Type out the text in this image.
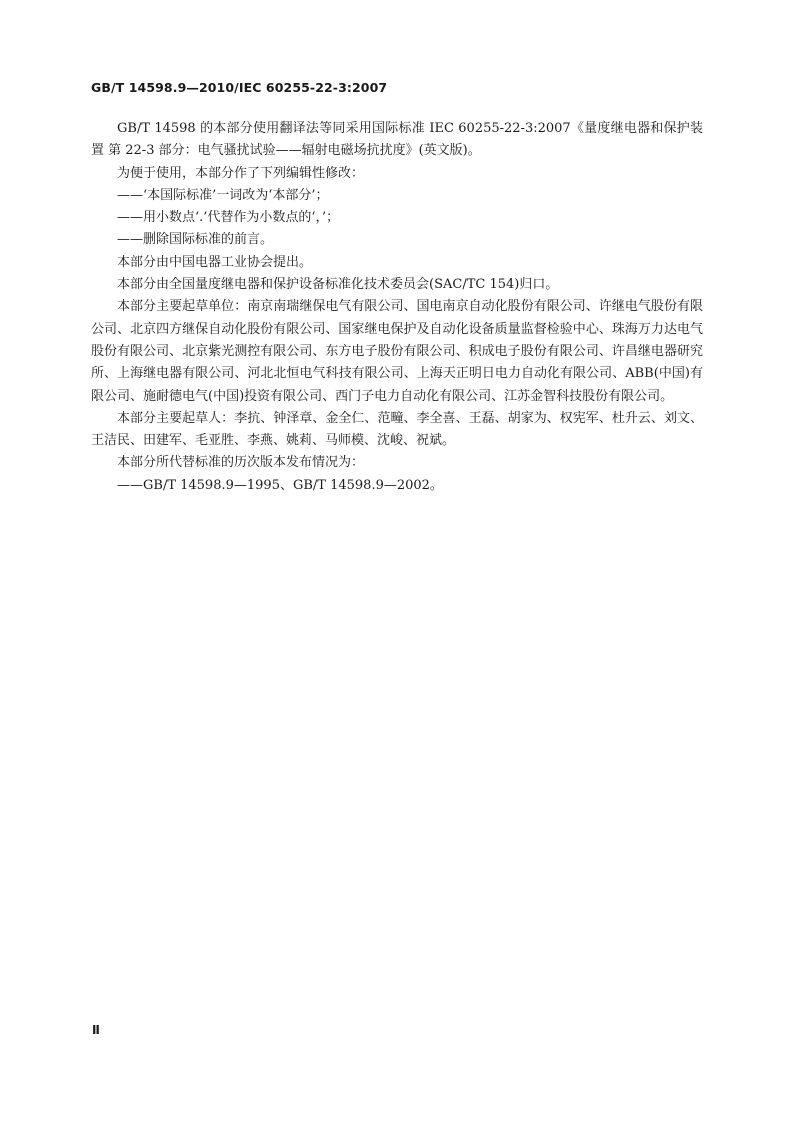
GB/T 14598.9—2010/IEC 60255-22-3:2007

GB/T 14598 的本部分使用翻译法等同采用国际标准 IEC 60255-22-3:2007《量度继电器和保护装置 第 22-3 部分：电气骚扰试验——辐射电磁场抗扰度》(英文版)。

为便于使用，本部分作了下列编辑性修改：

——‘本国际标准’一词改为‘本部分’；

——用小数点‘.’代替作为小数点的‘，’；

——删除国际标准的前言。

本部分由中国电器工业协会提出。

本部分由全国量度继电器和保护设备标准化技术委员会(SAC/TC 154)归口。

本部分主要起草单位：南京南瑞继保电气有限公司、国电南京自动化股份有限公司、许继电气股份有限公司、北京四方继保自动化股份有限公司、国家继电保护及自动化设备质量监督检验中心、珠海万力达电气股份有限公司、北京紫光测控有限公司、东方电子股份有限公司、积成电子股份有限公司、许昌继电器研究所、上海继电器有限公司、河北北恒电气科技有限公司、上海天正明日电力自动化有限公司、ABB(中国)有限公司、施耐德电气(中国)投资有限公司、西门子电力自动化有限公司、江苏金智科技股份有限公司。

本部分主要起草人：李抗、钟泽章、金全仁、范疃、李全喜、王磊、胡家为、权宪军、杜升云、刘文、王洁民、田建军、毛亚胜、李燕、姚莉、马师模、沈峻、祝斌。

本部分所代替标准的历次版本发布情况为：

——GB/T 14598.9—1995、GB/T 14598.9—2002。

Ⅱ
